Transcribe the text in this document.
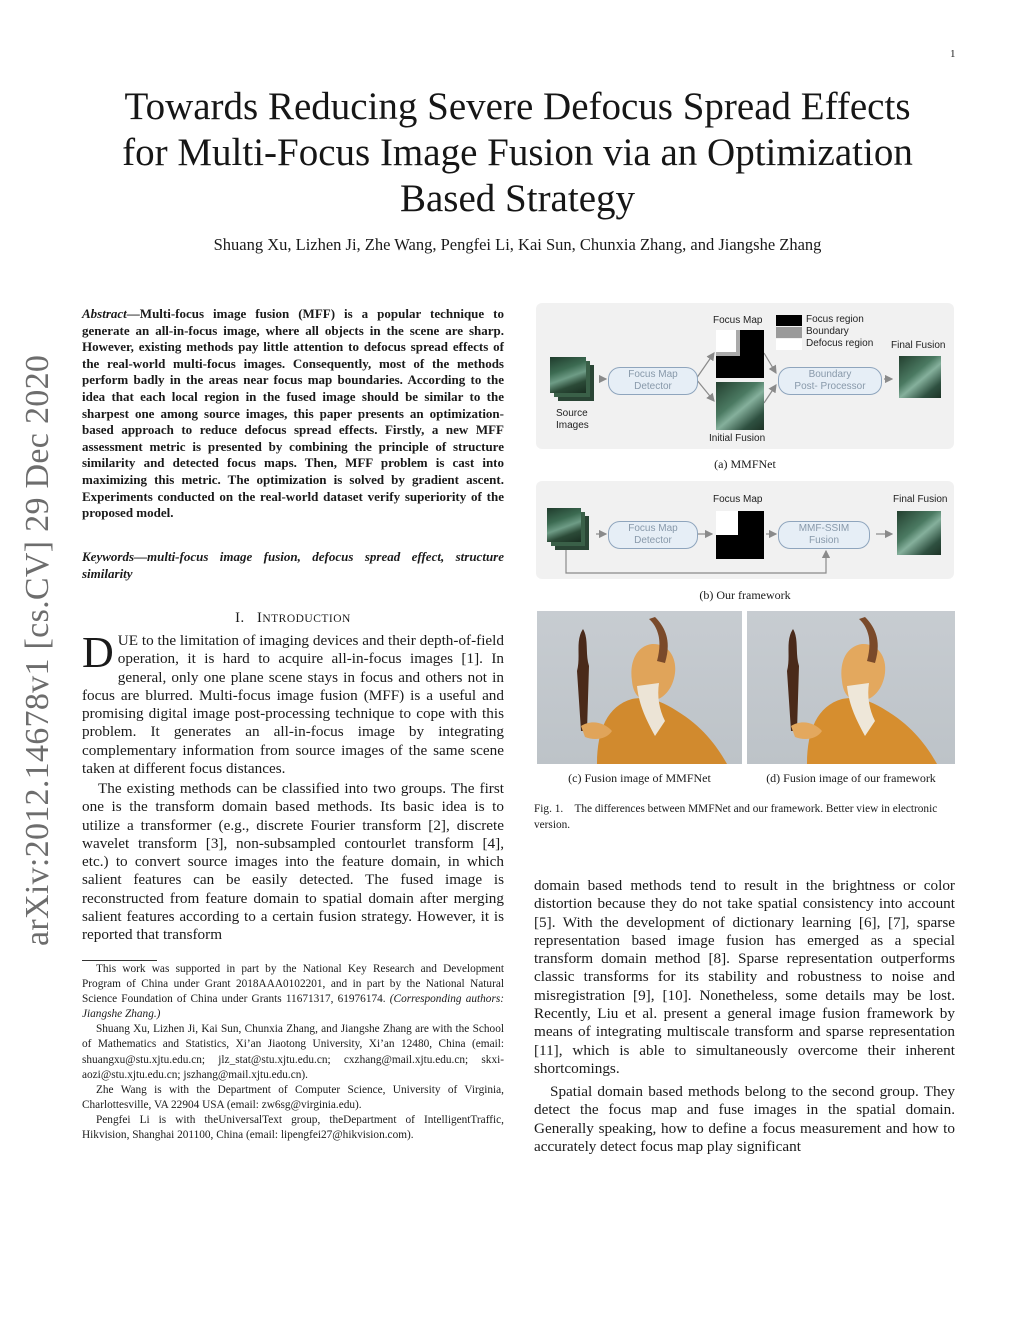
1
arXiv:2012.14678v1 [cs.CV] 29 Dec 2020
Towards Reducing Severe Defocus Spread Effects
for Multi-Focus Image Fusion via an Optimization
Based Strategy
Shuang Xu, Lizhen Ji, Zhe Wang, Pengfei Li, Kai Sun, Chunxia Zhang, and Jiangshe Zhang
Abstract—Multi-focus image fusion (MFF) is a popular technique to generate an all-in-focus image, where all objects in the scene are sharp. However, existing methods pay little attention to defocus spread effects of the real-world multi-focus images. Consequently, most of the methods perform badly in the areas near focus map boundaries. According to the idea that each local region in the fused image should be similar to the sharpest one among source images, this paper presents an optimization-based approach to reduce defocus spread effects. Firstly, a new MFF assessment metric is presented by combining the principle of structure similarity and detected focus maps. Then, MFF problem is cast into maximizing this metric. The optimization is solved by gradient ascent. Experiments conducted on the real-world dataset verify superiority of the proposed model.
Keywords—multi-focus image fusion, defocus spread effect, structure similarity
I. INTRODUCTION
DUE to the limitation of imaging devices and their depth-of-field operation, it is hard to acquire all-in-focus images [1]. In general, only one plane scene stays in focus and others not in focus are blurred. Multi-focus image fusion (MFF) is a useful and promising digital image post-processing technique to cope with this problem. It generates an all-in-focus image by integrating complementary information from source images of the same scene taken at different focus distances.
The existing methods can be classified into two groups. The first one is the transform domain based methods. Its basic idea is to utilize a transformer (e.g., discrete Fourier transform [2], discrete wavelet transform [3], non-subsampled contourlet transform [4], etc.) to convert source images into the feature domain, in which salient features can be easily detected. The fused image is reconstructed from feature domain to spatial domain after merging salient features according to a certain fusion strategy. However, it is reported that transform

This work was supported in part by the National Key Research and Development Program of China under Grant 2018AAA0102201, and in part by the National Natural Science Foundation of China under Grants 11671317, 61976174. (Corresponding authors: Jiangshe Zhang.)

Shuang Xu, Lizhen Ji, Kai Sun, Chunxia Zhang, and Jiangshe Zhang are with the School of Mathematics and Statistics, Xi’an Jiaotong University, Xi’an 12480, China (email: shuangxu@stu.xjtu.edu.cn; jlz_stat@stu.xjtu.edu.cn; cxzhang@mail.xjtu.edu.cn; skxi-aozi@stu.xjtu.edu.cn; jszhang@mail.xjtu.edu.cn).

Zhe Wang is with the Department of Computer Science, University of Virginia, Charlottesville, VA 22904 USA (email: zw6sg@virginia.edu).

Pengfei Li is with theUniversalText group, theDepartment of IntelligentTraffic, Hikvision, Shanghai 201100, China (email: lipengfei27@hikvision.com).

Source
Images
Focus Map
Detector
Focus Map
Initial Fusion
Focus region
Boundary
Defocus region
Boundary
Post- Processor
Final Fusion
(a) MMFNet
Focus Map
Detector
Focus Map
MMF-SSIM
Fusion
Final Fusion
(b) Our framework
(c) Fusion image of MMFNet	(d) Fusion image of our framework
Fig. 1. The differences between MMFNet and our framework. Better view in electronic version.
domain based methods tend to result in the brightness or color distortion because they do not take spatial consistency into account [5]. With the development of dictionary learning [6], [7], sparse representation based image fusion has emerged as a special transform domain method [8]. Sparse representation outperforms classic transforms for its stability and robustness to noise and misregistration [9], [10]. Nonetheless, some details may be lost. Recently, Liu et al. present a general image fusion framework by means of integrating multiscale transform and sparse representation [11], which is able to simultaneously overcome their inherent shortcomings.
Spatial domain based methods belong to the second group. They detect the focus map and fuse images in the spatial domain. Generally speaking, how to define a focus measurement and how to accurately detect focus map play significant
